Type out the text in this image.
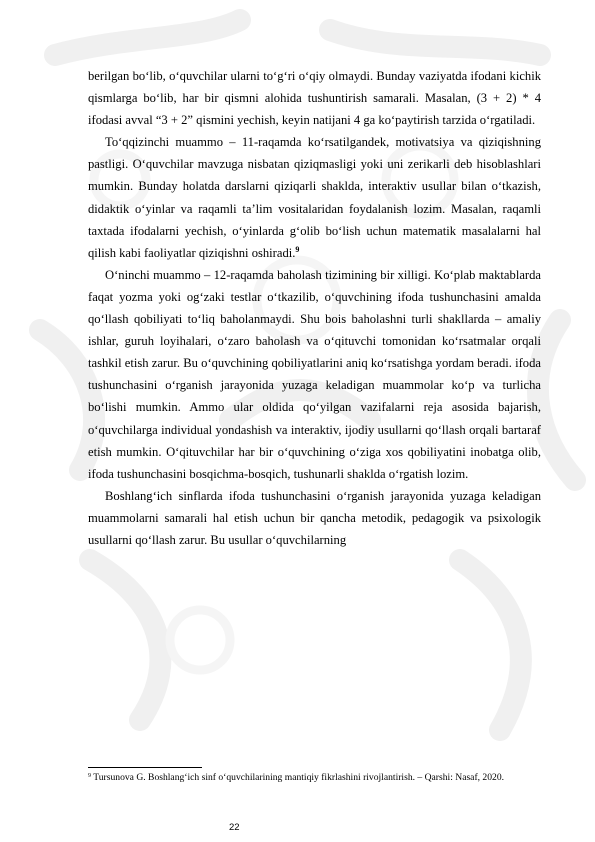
berilgan bo‘lib, o‘quvchilar ularni to‘g‘ri o‘qiy olmaydi. Bunday vaziyatda ifodani kichik qismlarga bo‘lib, har bir qismni alohida tushuntirish samarali. Masalan, (3 + 2) * 4 ifodasi avval “3 + 2” qismini yechish, keyin natijani 4 ga ko‘paytirish tarzida o‘rgatiladi.

To‘qqizinchi muammo – 11-raqamda ko‘rsatilgandek, motivatsiya va qiziqishning pastligi. O‘quvchilar mavzuga nisbatan qiziqmasligi yoki uni zerikarli deb hisoblashlari mumkin. Bunday holatda darslarni qiziqarli shaklda, interaktiv usullar bilan o‘tkazish, didaktik o‘yinlar va raqamli ta’lim vositalaridan foydalanish lozim. Masalan, raqamli taxtada ifodalarni yechish, o‘yinlarda g‘olib bo‘lish uchun matematik masalalarni hal qilish kabi faoliyatlar qiziqishni oshiradi.$^9$

O‘ninchi muammo – 12-raqamda baholash tizimining bir xilligi. Ko‘plab maktablarda faqat yozma yoki og‘zaki testlar o‘tkazilib, o‘quvchining ifoda tushunchasini amalda qo‘llash qobiliyati to‘liq baholanmaydi. Shu bois baholashni turli shakllarda – amaliy ishlar, guruh loyihalari, o‘zaro baholash va o‘qituvchi tomonidan ko‘rsatmalar orqali tashkil etish zarur. Bu o‘quvchining qobiliyatlarini aniq ko‘rsatishga yordam beradi. ifoda tushunchasini o‘rganish jarayonida yuzaga keladigan muammolar ko‘p va turlicha bo‘lishi mumkin. Ammo ular oldida qo‘yilgan vazifalarni reja asosida bajarish, o‘quvchilarga individual yondashish va interaktiv, ijodiy usullarni qo‘llash orqali bartaraf etish mumkin. O‘qituvchilar har bir o‘quvchining o‘ziga xos qobiliyatini inobatga olib, ifoda tushunchasini bosqichma-bosqich, tushunarli shaklda o‘rgatish lozim.

Boshlang‘ich sinflarda ifoda tushunchasini o‘rganish jarayonida yuzaga keladigan muammolarni samarali hal etish uchun bir qancha metodik, pedagogik va psixologik usullarni qo‘llash zarur. Bu usullar o‘quvchilarning

$^9$ Tursunova G. Boshlang‘ich sinf o‘quvchilarining mantiqiy fikrlashini rivojlantirish. – Qarshi: Nasaf, 2020.
22
